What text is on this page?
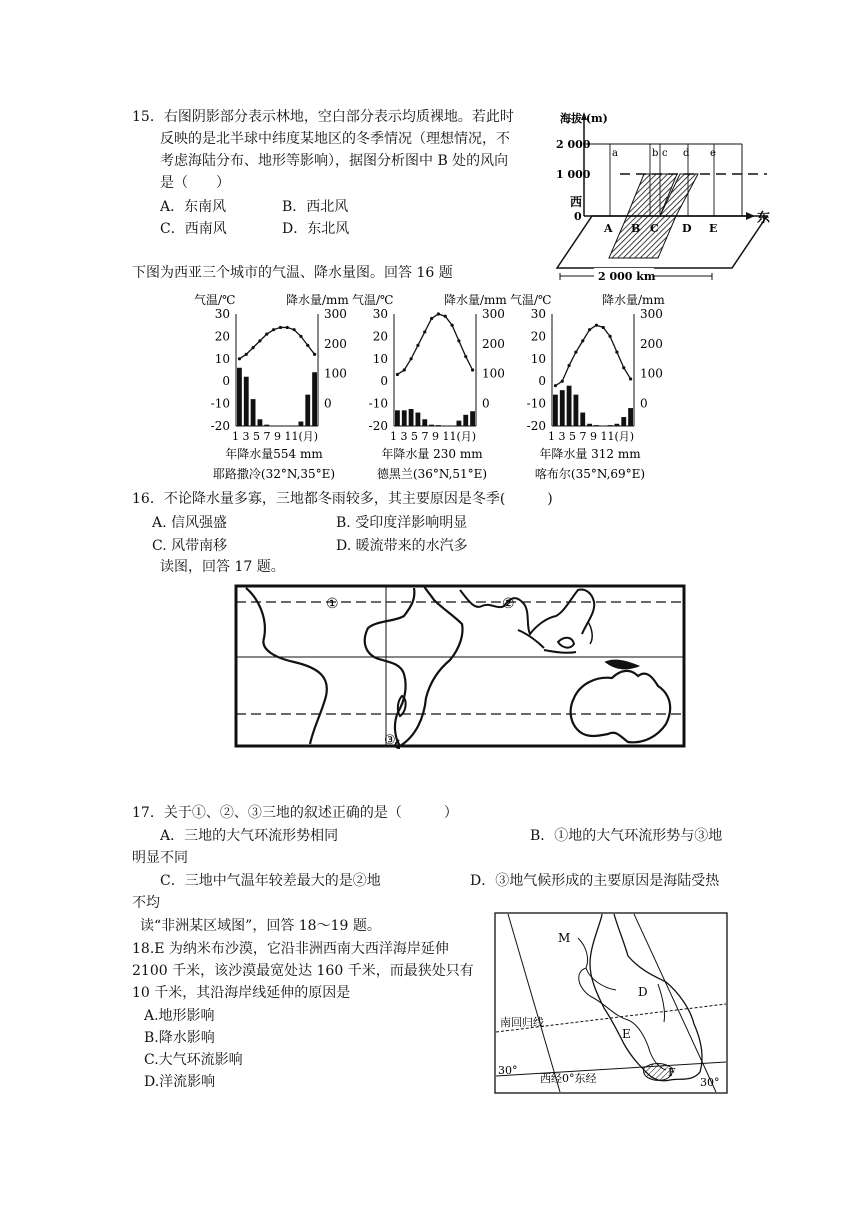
15．右图阴影部分表示林地，空白部分表示均质裸地。若此时
反映的是北半球中纬度某地区的冬季情况（理想情况，不
考虑海陆分布、地形等影响），据图分析图中 B 处的风向
是（　　）
A．东南风	B．西北风
C．西南风	D．东北风
海拔 (m)
2 000
1 000
0
西
东
a	b c d e
A B C D E
2 000 km
下图为西亚三个城市的气温、降水量图。回答 16 题
气温/℃	降水量/mm
30
20
10
0
-10
-20
300
200
100
0
1 3 5 7 9 11(月)
年降水量554 mm
耶路撒冷(32°N,35°E)
气温/℃	降水量/mm
30
20
10
0
-10
-20
300
200
100
0
1 3 5 7 9 11(月)
年降水量 230 mm
德黑兰(36°N,51°E)
气温/℃	降水量/mm
30
20
10
0
-10
-20
300
200
100
0
1 3 5 7 9 11(月)
年降水量 312 mm
喀布尔(35°N,69°E)
16．不论降水量多寡，三地都冬雨较多，其主要原因是冬季(　　　)
A. 信风强盛	B. 受印度洋影响明显
C. 风带南移	D. 暖流带来的水汽多
读图，回答 17 题。
①	②
③
17．关于①、②、③三地的叙述正确的是（　　　）
A．三地的大气环流形势相同	B．①地的大气环流形势与③地
明显不同
C．三地中气温年较差最大的是②地	D．③地气候形成的主要原因是海陆受热
不均
读“非洲某区域图”，回答 18～19 题。
18.E 为纳米布沙漠，它沿非洲西南大西洋海岸延伸
2100 千米，该沙漠最宽处达 160 千米，而最狭处只有
10 千米，其沿海岸线延伸的原因是
A.地形影响
B.降水影响
C.大气环流影响
D.洋流影响
M
D
E
F
南回归线
30°
西经0°东经	30°
